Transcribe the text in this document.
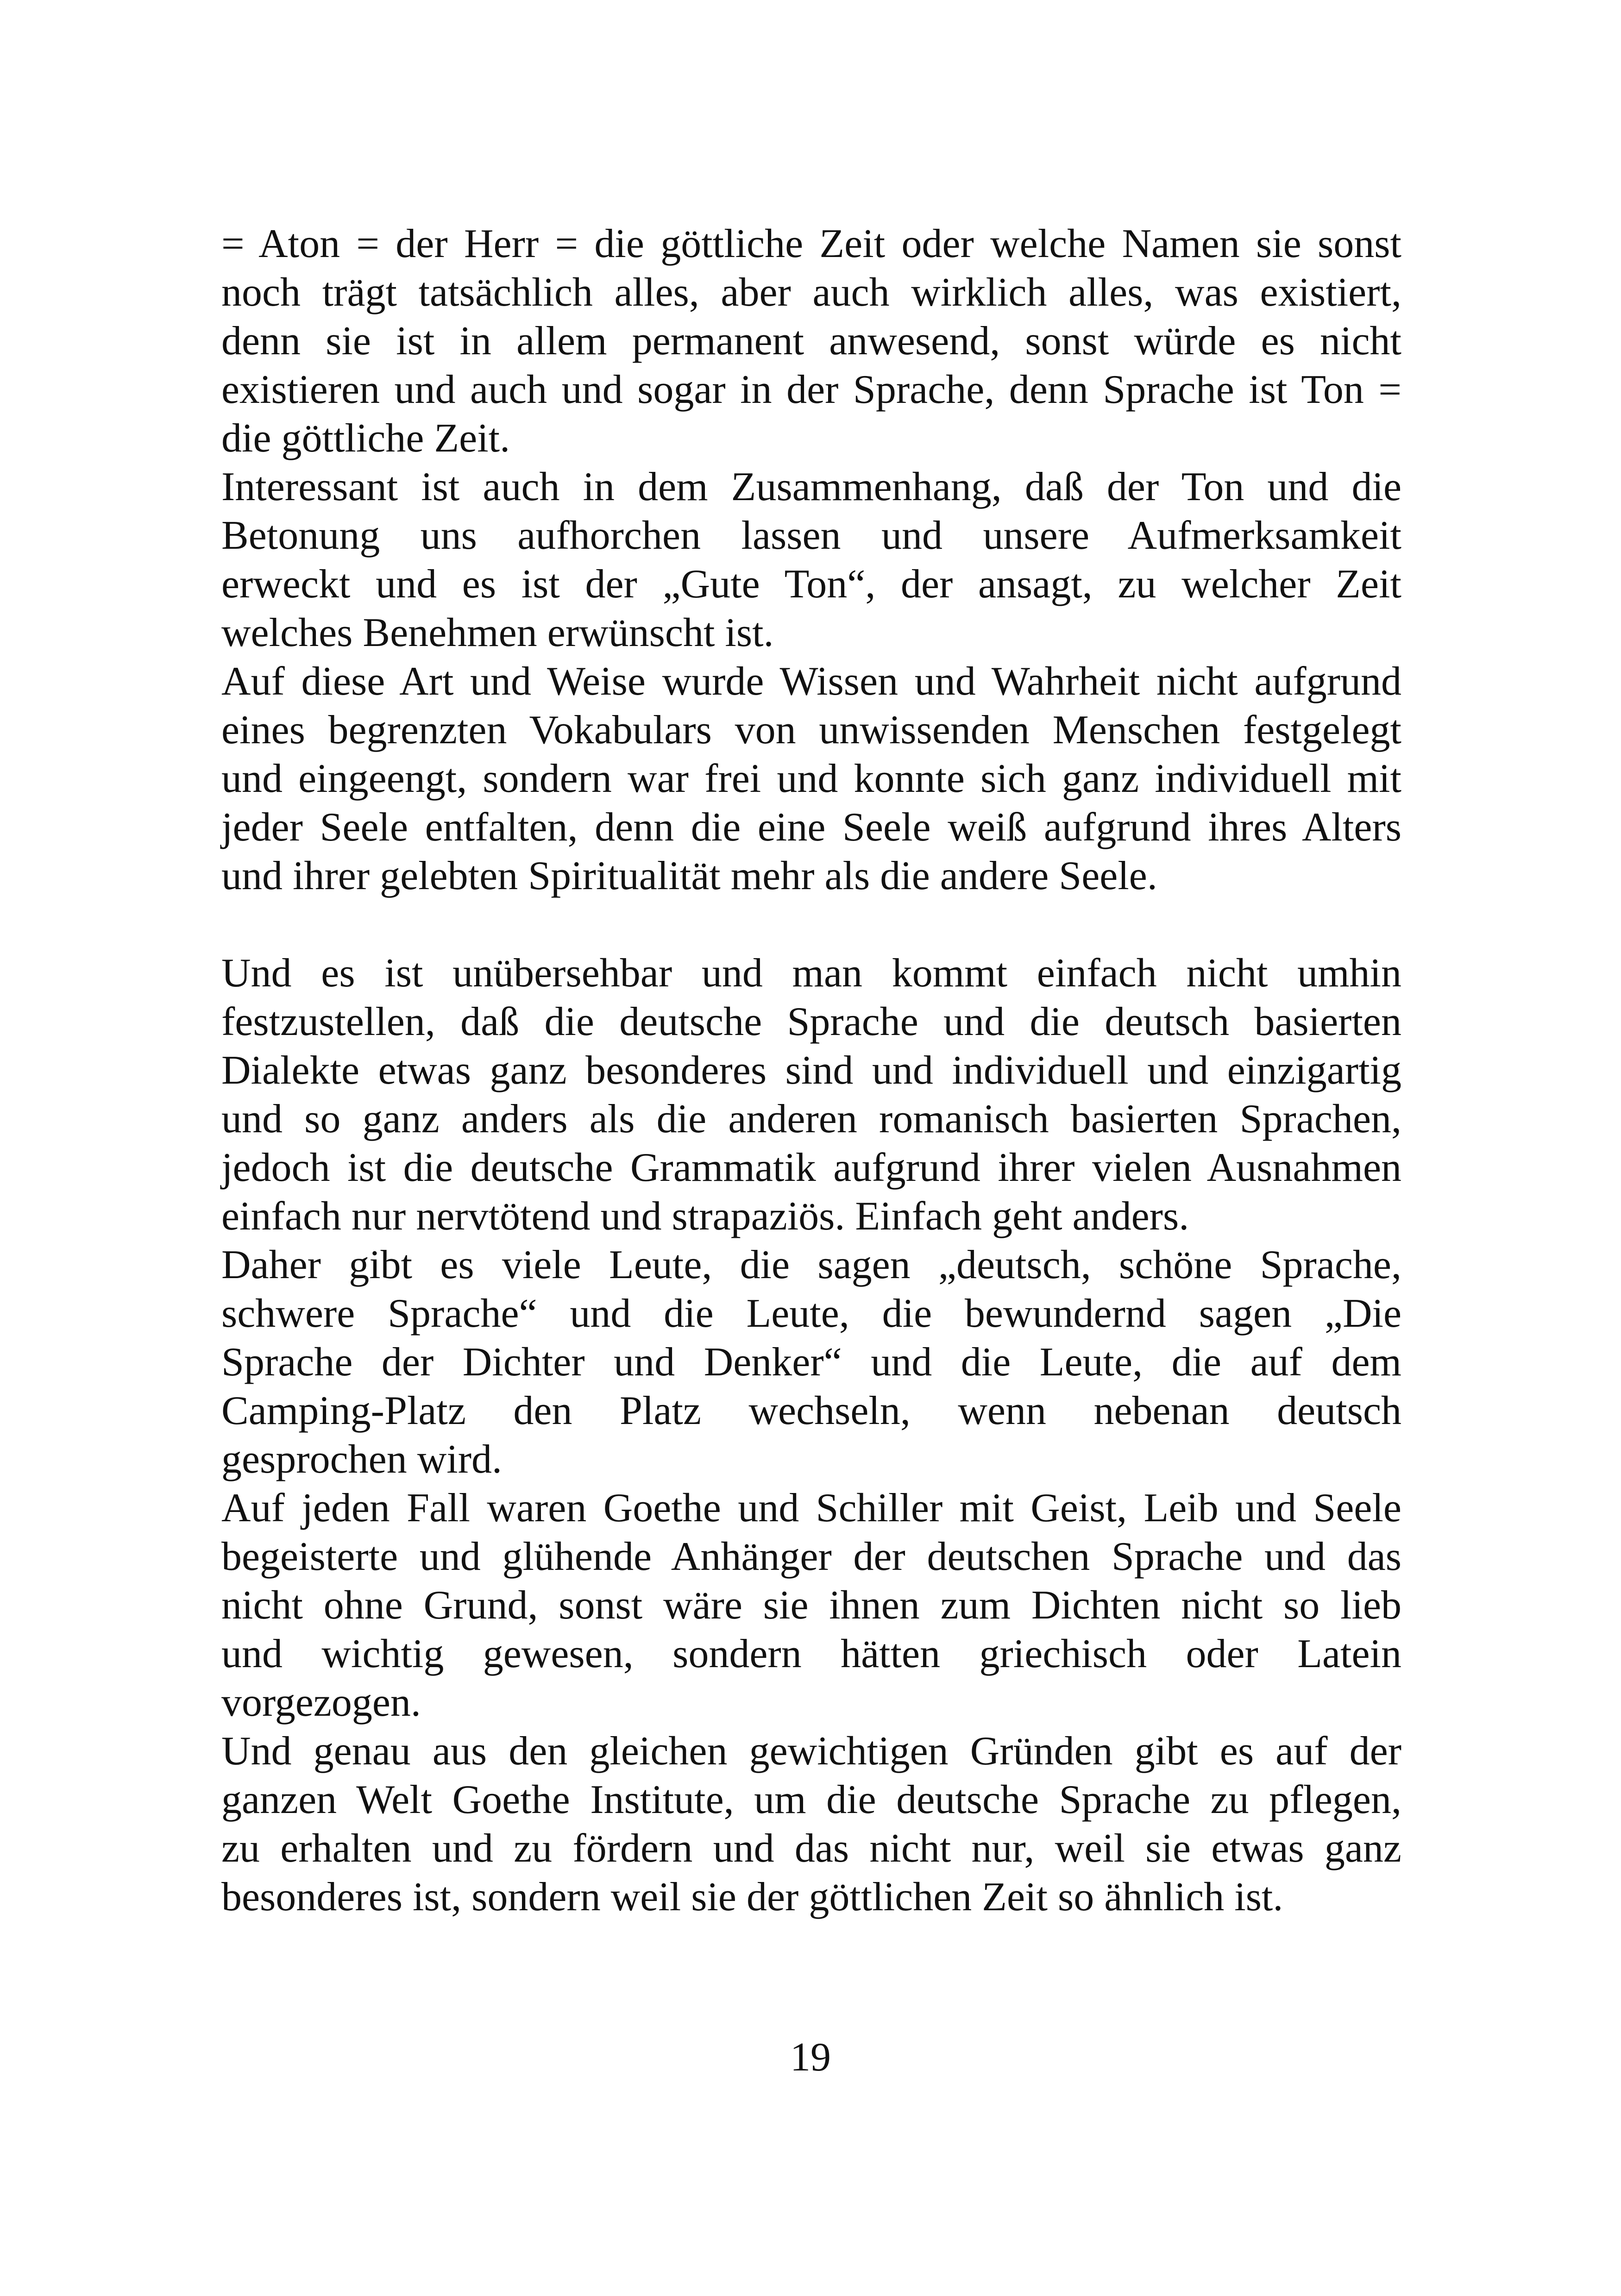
= Aton = der Herr = die göttliche Zeit oder welche Namen sie sonst
noch trägt tatsächlich alles, aber auch wirklich alles, was existiert,
denn sie ist in allem permanent anwesend, sonst würde es nicht
existieren und auch und sogar in der Sprache, denn Sprache ist Ton =
die göttliche Zeit.
Interessant ist auch in dem Zusammenhang, daß der Ton und die
Betonung uns aufhorchen lassen und unsere Aufmerksamkeit
erweckt und es ist der „Gute Ton“, der ansagt, zu welcher Zeit
welches Benehmen erwünscht ist.
Auf diese Art und Weise wurde Wissen und Wahrheit nicht aufgrund
eines begrenzten Vokabulars von unwissenden Menschen festgelegt
und eingeengt, sondern war frei und konnte sich ganz individuell mit
jeder Seele entfalten, denn die eine Seele weiß aufgrund ihres Alters
und ihrer gelebten Spiritualität mehr als die andere Seele.
Und es ist unübersehbar und man kommt einfach nicht umhin
festzustellen, daß die deutsche Sprache und die deutsch basierten
Dialekte etwas ganz besonderes sind und individuell und einzigartig
und so ganz anders als die anderen romanisch basierten Sprachen,
jedoch ist die deutsche Grammatik aufgrund ihrer vielen Ausnahmen
einfach nur nervtötend und strapaziös. Einfach geht anders.
Daher gibt es viele Leute, die sagen „deutsch, schöne Sprache,
schwere Sprache“ und die Leute, die bewundernd sagen „Die
Sprache der Dichter und Denker“ und die Leute, die auf dem
Camping-Platz den Platz wechseln, wenn nebenan deutsch
gesprochen wird.
Auf jeden Fall waren Goethe und Schiller mit Geist, Leib und Seele
begeisterte und glühende Anhänger der deutschen Sprache und das
nicht ohne Grund, sonst wäre sie ihnen zum Dichten nicht so lieb
und wichtig gewesen, sondern hätten griechisch oder Latein
vorgezogen.
Und genau aus den gleichen gewichtigen Gründen gibt es auf der
ganzen Welt Goethe Institute, um die deutsche Sprache zu pflegen,
zu erhalten und zu fördern und das nicht nur, weil sie etwas ganz
besonderes ist, sondern weil sie der göttlichen Zeit so ähnlich ist.
19
